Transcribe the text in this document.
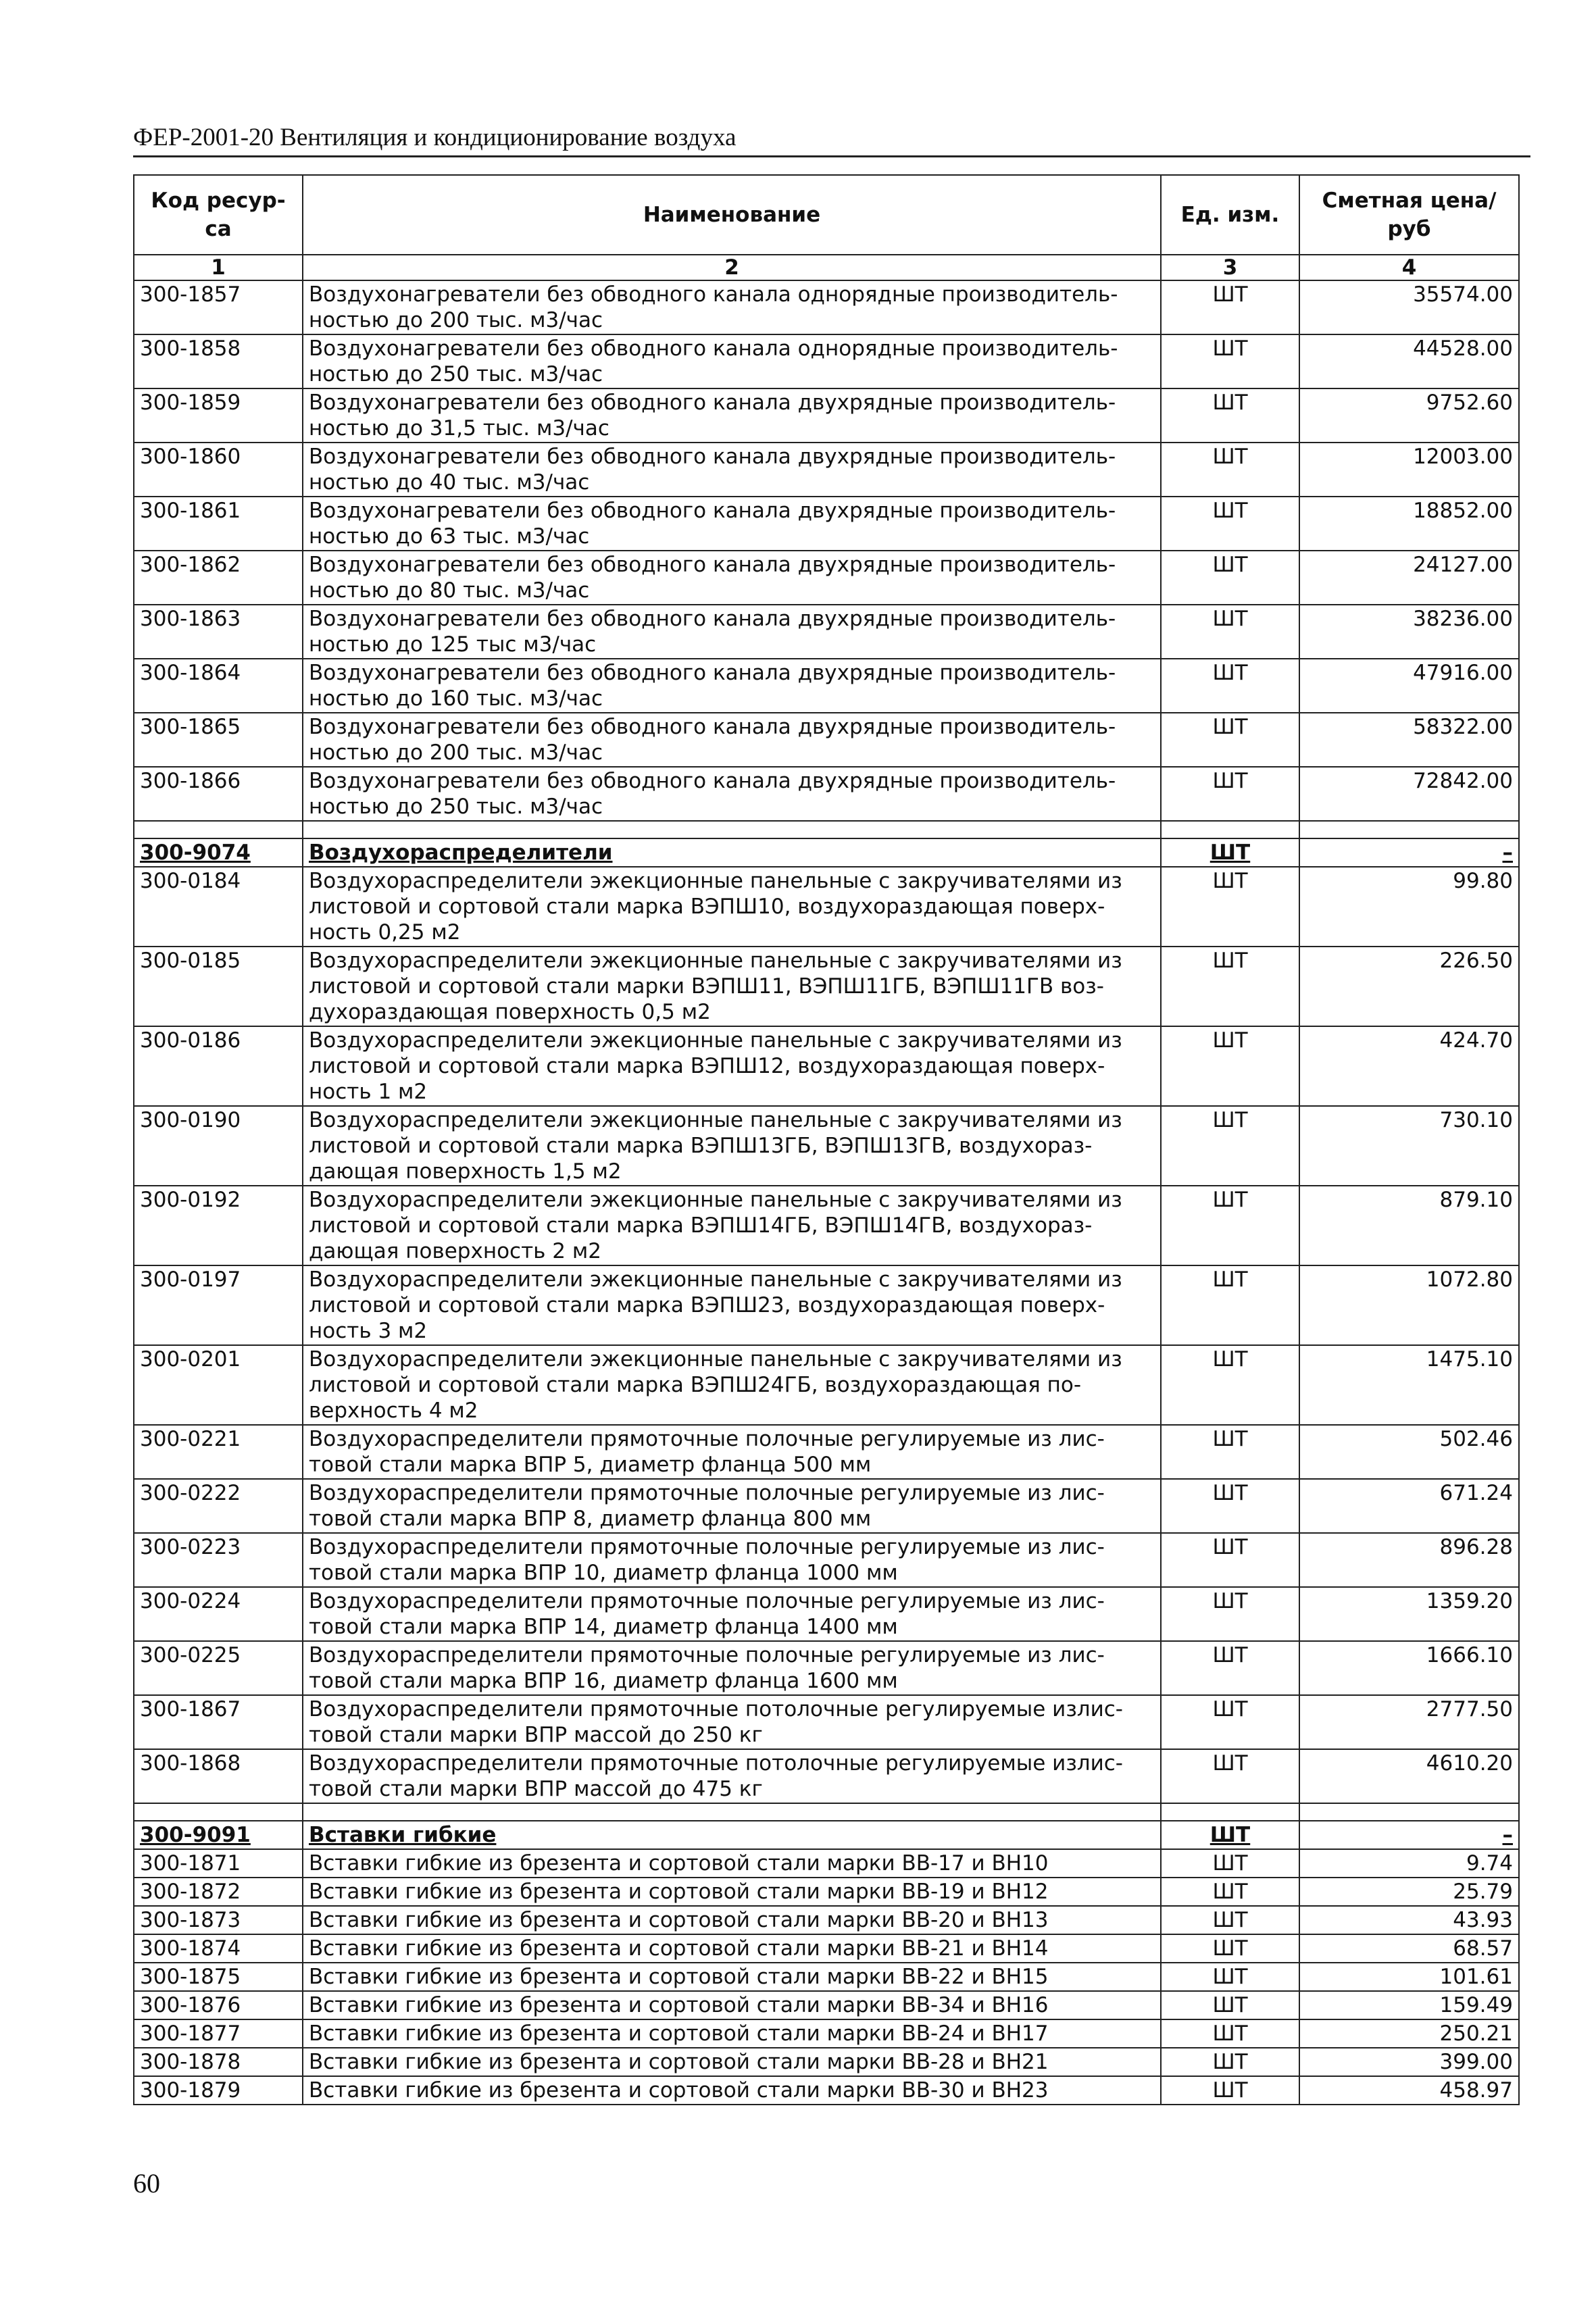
ФЕР-2001-20 Вентиляция и кондиционирование воздуха
Код ресур-са	Наименование	Ед. изм.	Сметная цена/руб
1	2	3	4
300-1857	Воздухонагреватели без обводного канала однорядные производитель-ностью до 200 тыс. м3/час	ШТ	35574.00
300-1858	Воздухонагреватели без обводного канала однорядные производитель-ностью до 250 тыс. м3/час	ШТ	44528.00
300-1859	Воздухонагреватели без обводного канала двухрядные производитель-ностью до 31,5 тыс. м3/час	ШТ	9752.60
300-1860	Воздухонагреватели без обводного канала двухрядные производитель-ностью до 40 тыс. м3/час	ШТ	12003.00
300-1861	Воздухонагреватели без обводного канала двухрядные производитель-ностью до 63 тыс. м3/час	ШТ	18852.00
300-1862	Воздухонагреватели без обводного канала двухрядные производитель-ностью до 80 тыс. м3/час	ШТ	24127.00
300-1863	Воздухонагреватели без обводного канала двухрядные производитель-ностью до 125 тыс м3/час	ШТ	38236.00
300-1864	Воздухонагреватели без обводного канала двухрядные производитель-ностью до 160 тыс. м3/час	ШТ	47916.00
300-1865	Воздухонагреватели без обводного канала двухрядные производитель-ностью до 200 тыс. м3/час	ШТ	58322.00
300-1866	Воздухонагреватели без обводного канала двухрядные производитель-ностью до 250 тыс. м3/час	ШТ	72842.00

300-9074	Воздухораспределители	ШТ	–
300-0184	Воздухораспределители эжекционные панельные с закручивателями из листовой и сортовой стали марка ВЭПШ10, воздухораздающая поверх-ность 0,25 м2	ШТ	99.80
300-0185	Воздухораспределители эжекционные панельные с закручивателями из листовой и сортовой стали марки ВЭПШ11, ВЭПШ11ГБ, ВЭПШ11ГВ воз-духораздающая поверхность 0,5 м2	ШТ	226.50
300-0186	Воздухораспределители эжекционные панельные с закручивателями из листовой и сортовой стали марка ВЭПШ12, воздухораздающая поверх-ность 1 м2	ШТ	424.70
300-0190	Воздухораспределители эжекционные панельные с закручивателями из листовой и сортовой стали марка ВЭПШ13ГБ, ВЭПШ13ГВ, воздухораз-дающая поверхность 1,5 м2	ШТ	730.10
300-0192	Воздухораспределители эжекционные панельные с закручивателями из листовой и сортовой стали марка ВЭПШ14ГБ, ВЭПШ14ГВ, воздухораз-дающая поверхность 2 м2	ШТ	879.10
300-0197	Воздухораспределители эжекционные панельные с закручивателями из листовой и сортовой стали марка ВЭПШ23, воздухораздающая поверх-ность 3 м2	ШТ	1072.80
300-0201	Воздухораспределители эжекционные панельные с закручивателями из листовой и сортовой стали марка ВЭПШ24ГБ, воздухораздающая по-верхность 4 м2	ШТ	1475.10
300-0221	Воздухораспределители прямоточные полочные регулируемые из лис-товой стали марка ВПР 5, диаметр фланца 500 мм	ШТ	502.46
300-0222	Воздухораспределители прямоточные полочные регулируемые из лис-товой стали марка ВПР 8, диаметр фланца 800 мм	ШТ	671.24
300-0223	Воздухораспределители прямоточные полочные регулируемые из лис-товой стали марка ВПР 10, диаметр фланца 1000 мм	ШТ	896.28
300-0224	Воздухораспределители прямоточные полочные регулируемые из лис-товой стали марка ВПР 14, диаметр фланца 1400 мм	ШТ	1359.20
300-0225	Воздухораспределители прямоточные полочные регулируемые из лис-товой стали марка ВПР 16, диаметр фланца 1600 мм	ШТ	1666.10
300-1867	Воздухораспределители прямоточные потолочные регулируемые излис-товой стали марки ВПР массой до 250 кг	ШТ	2777.50
300-1868	Воздухораспределители прямоточные потолочные регулируемые излис-товой стали марки ВПР массой до 475 кг	ШТ	4610.20

300-9091	Вставки гибкие	ШТ	–
300-1871	Вставки гибкие из брезента и сортовой стали марки ВВ-17 и ВН10	ШТ	9.74
300-1872	Вставки гибкие из брезента и сортовой стали марки ВВ-19 и ВН12	ШТ	25.79
300-1873	Вставки гибкие из брезента и сортовой стали марки ВВ-20 и ВН13	ШТ	43.93
300-1874	Вставки гибкие из брезента и сортовой стали марки ВВ-21 и ВН14	ШТ	68.57
300-1875	Вставки гибкие из брезента и сортовой стали марки ВВ-22 и ВН15	ШТ	101.61
300-1876	Вставки гибкие из брезента и сортовой стали марки ВВ-34 и ВН16	ШТ	159.49
300-1877	Вставки гибкие из брезента и сортовой стали марки ВВ-24 и ВН17	ШТ	250.21
300-1878	Вставки гибкие из брезента и сортовой стали марки ВВ-28 и ВН21	ШТ	399.00
300-1879	Вставки гибкие из брезента и сортовой стали марки ВВ-30 и ВН23	ШТ	458.97
60
